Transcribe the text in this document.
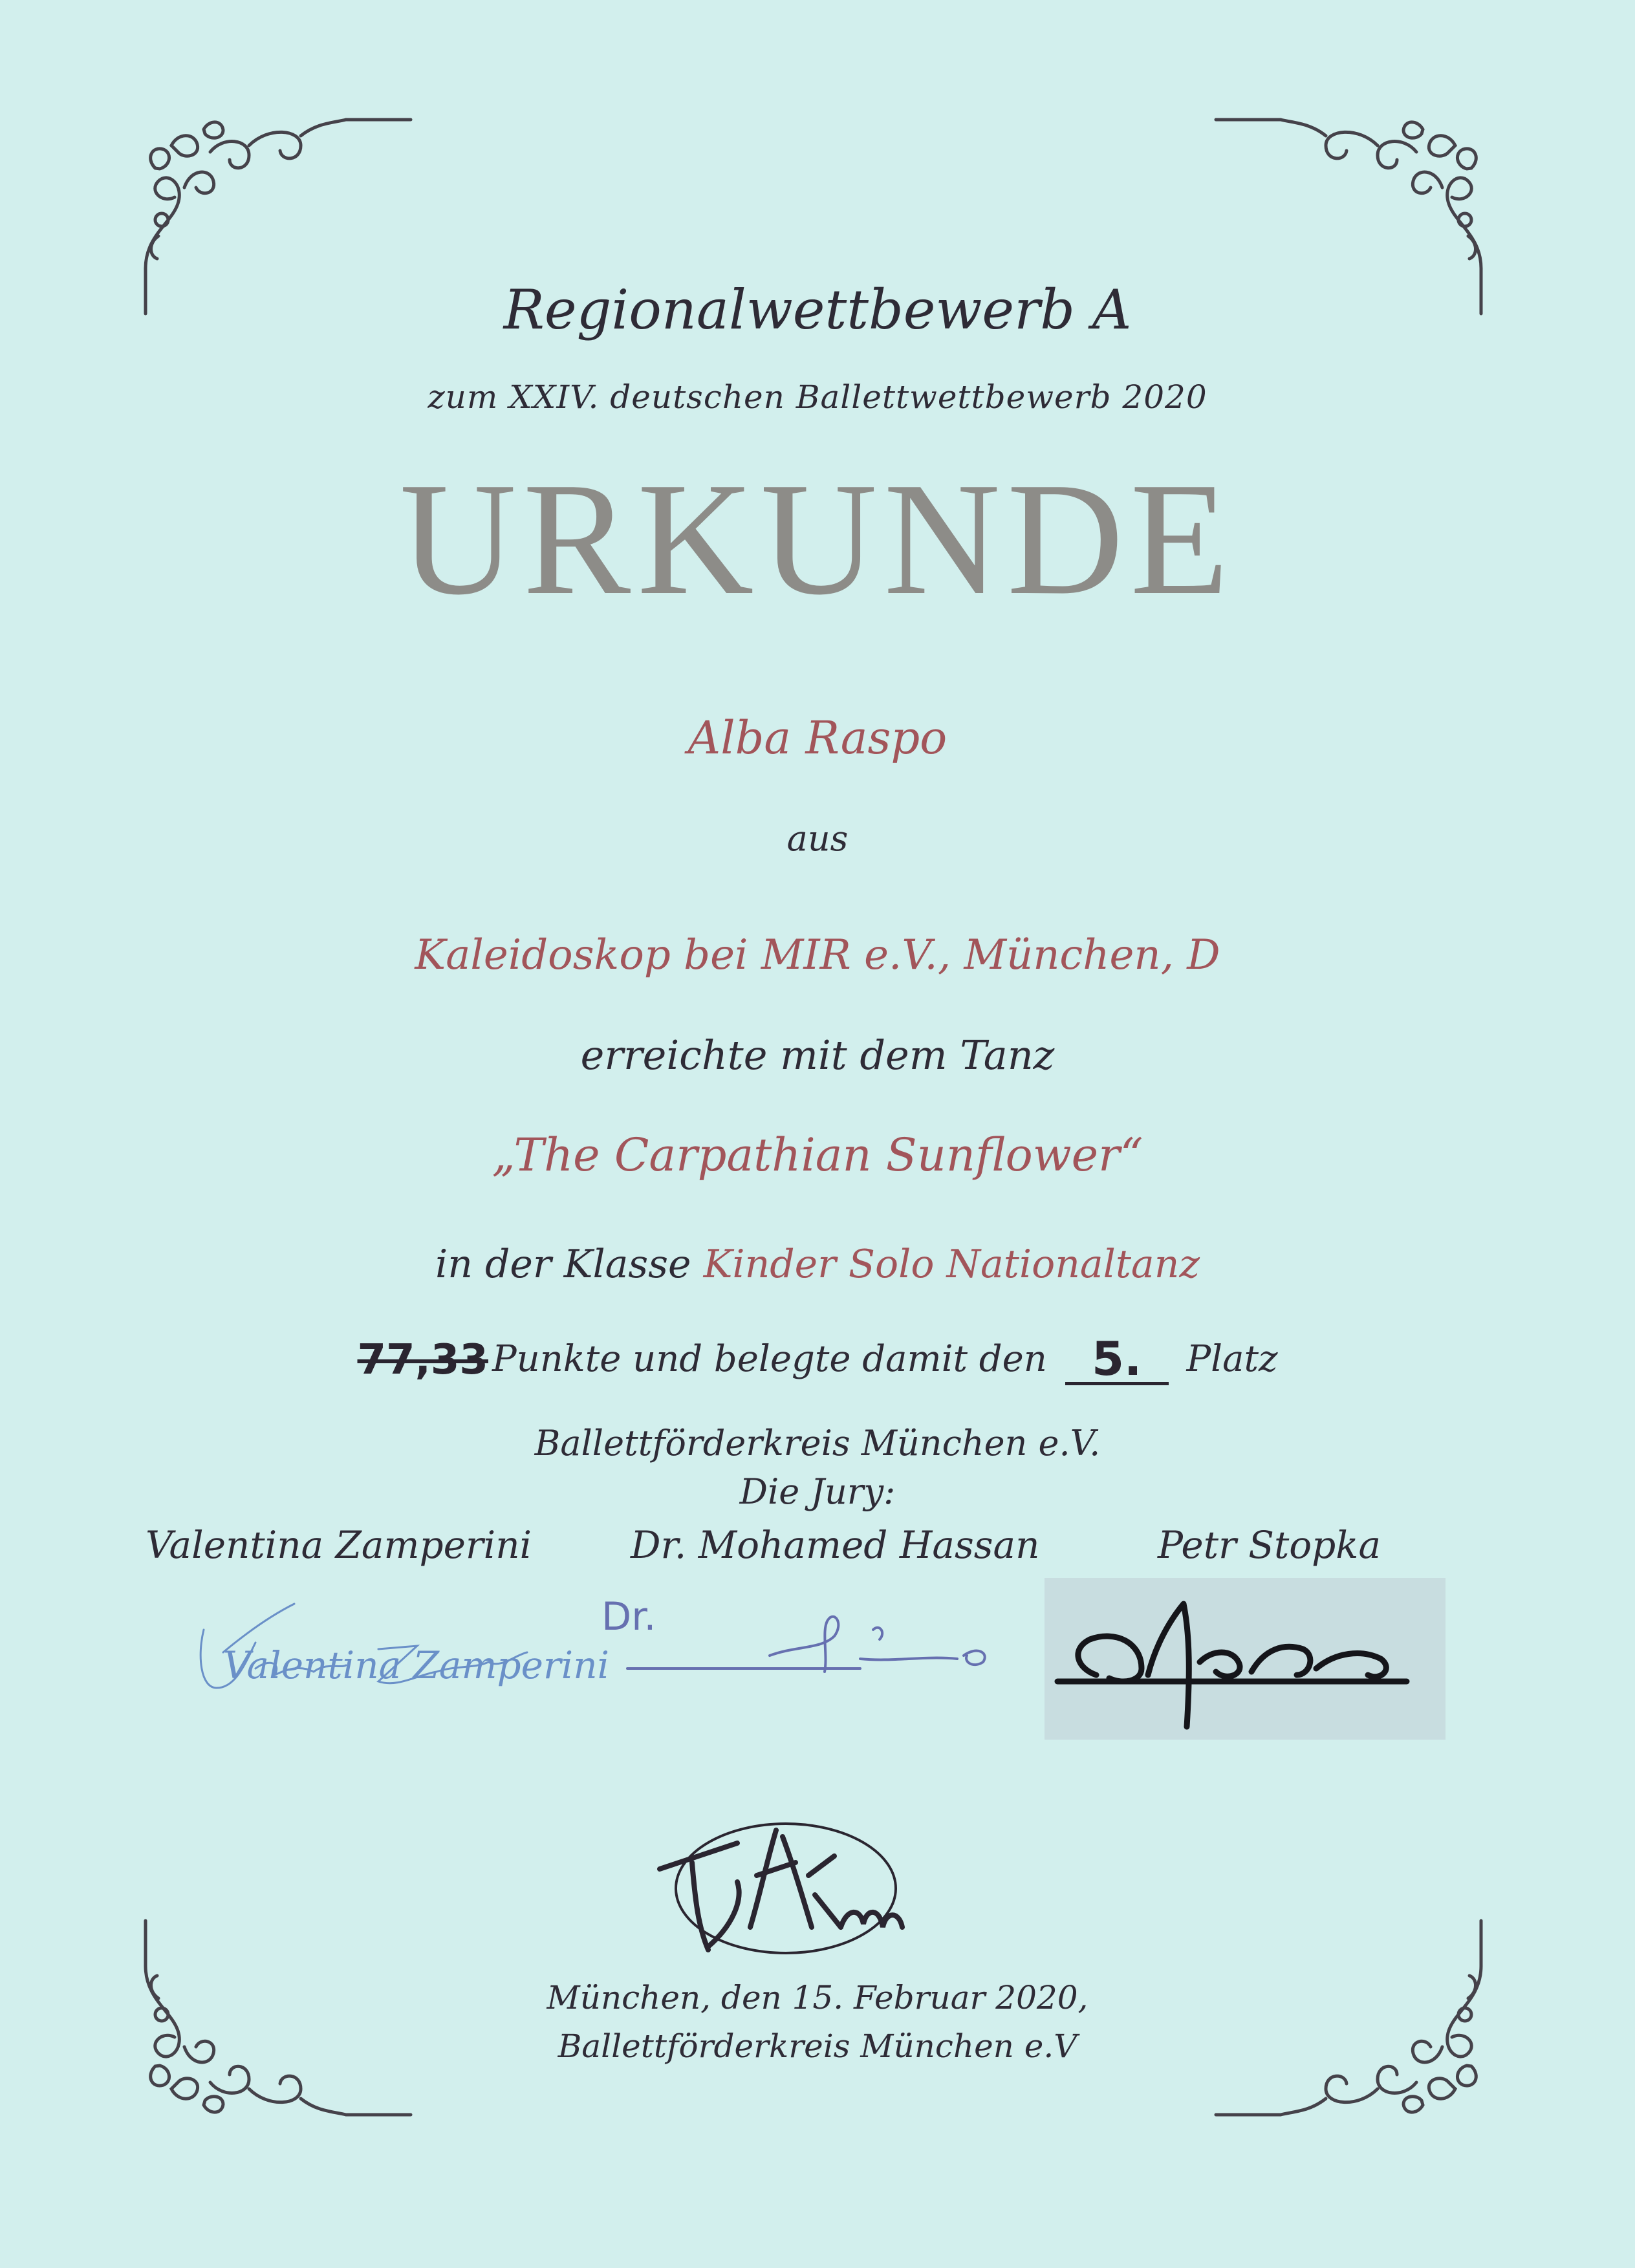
Regionalwettbewerb A
zum XXIV. deutschen Ballettwettbewerb 2020
URKUNDE
Alba Raspo
aus
Kaleidoskop bei MIR e.V., München, D
erreichte mit dem Tanz
„The Carpathian Sunflower“
in der Klasse Kinder Solo Nationaltanz
77,33 Punkte und belegte damit den 5. Platz
Ballettförderkreis München e.V.
Die Jury:
Valentina Zamperini	Dr. Mohamed Hassan	Petr Stopka
Valentina Zamperini
Dr.
bfkm
München, den 15. Februar 2020,
Ballettförderkreis München e.V
